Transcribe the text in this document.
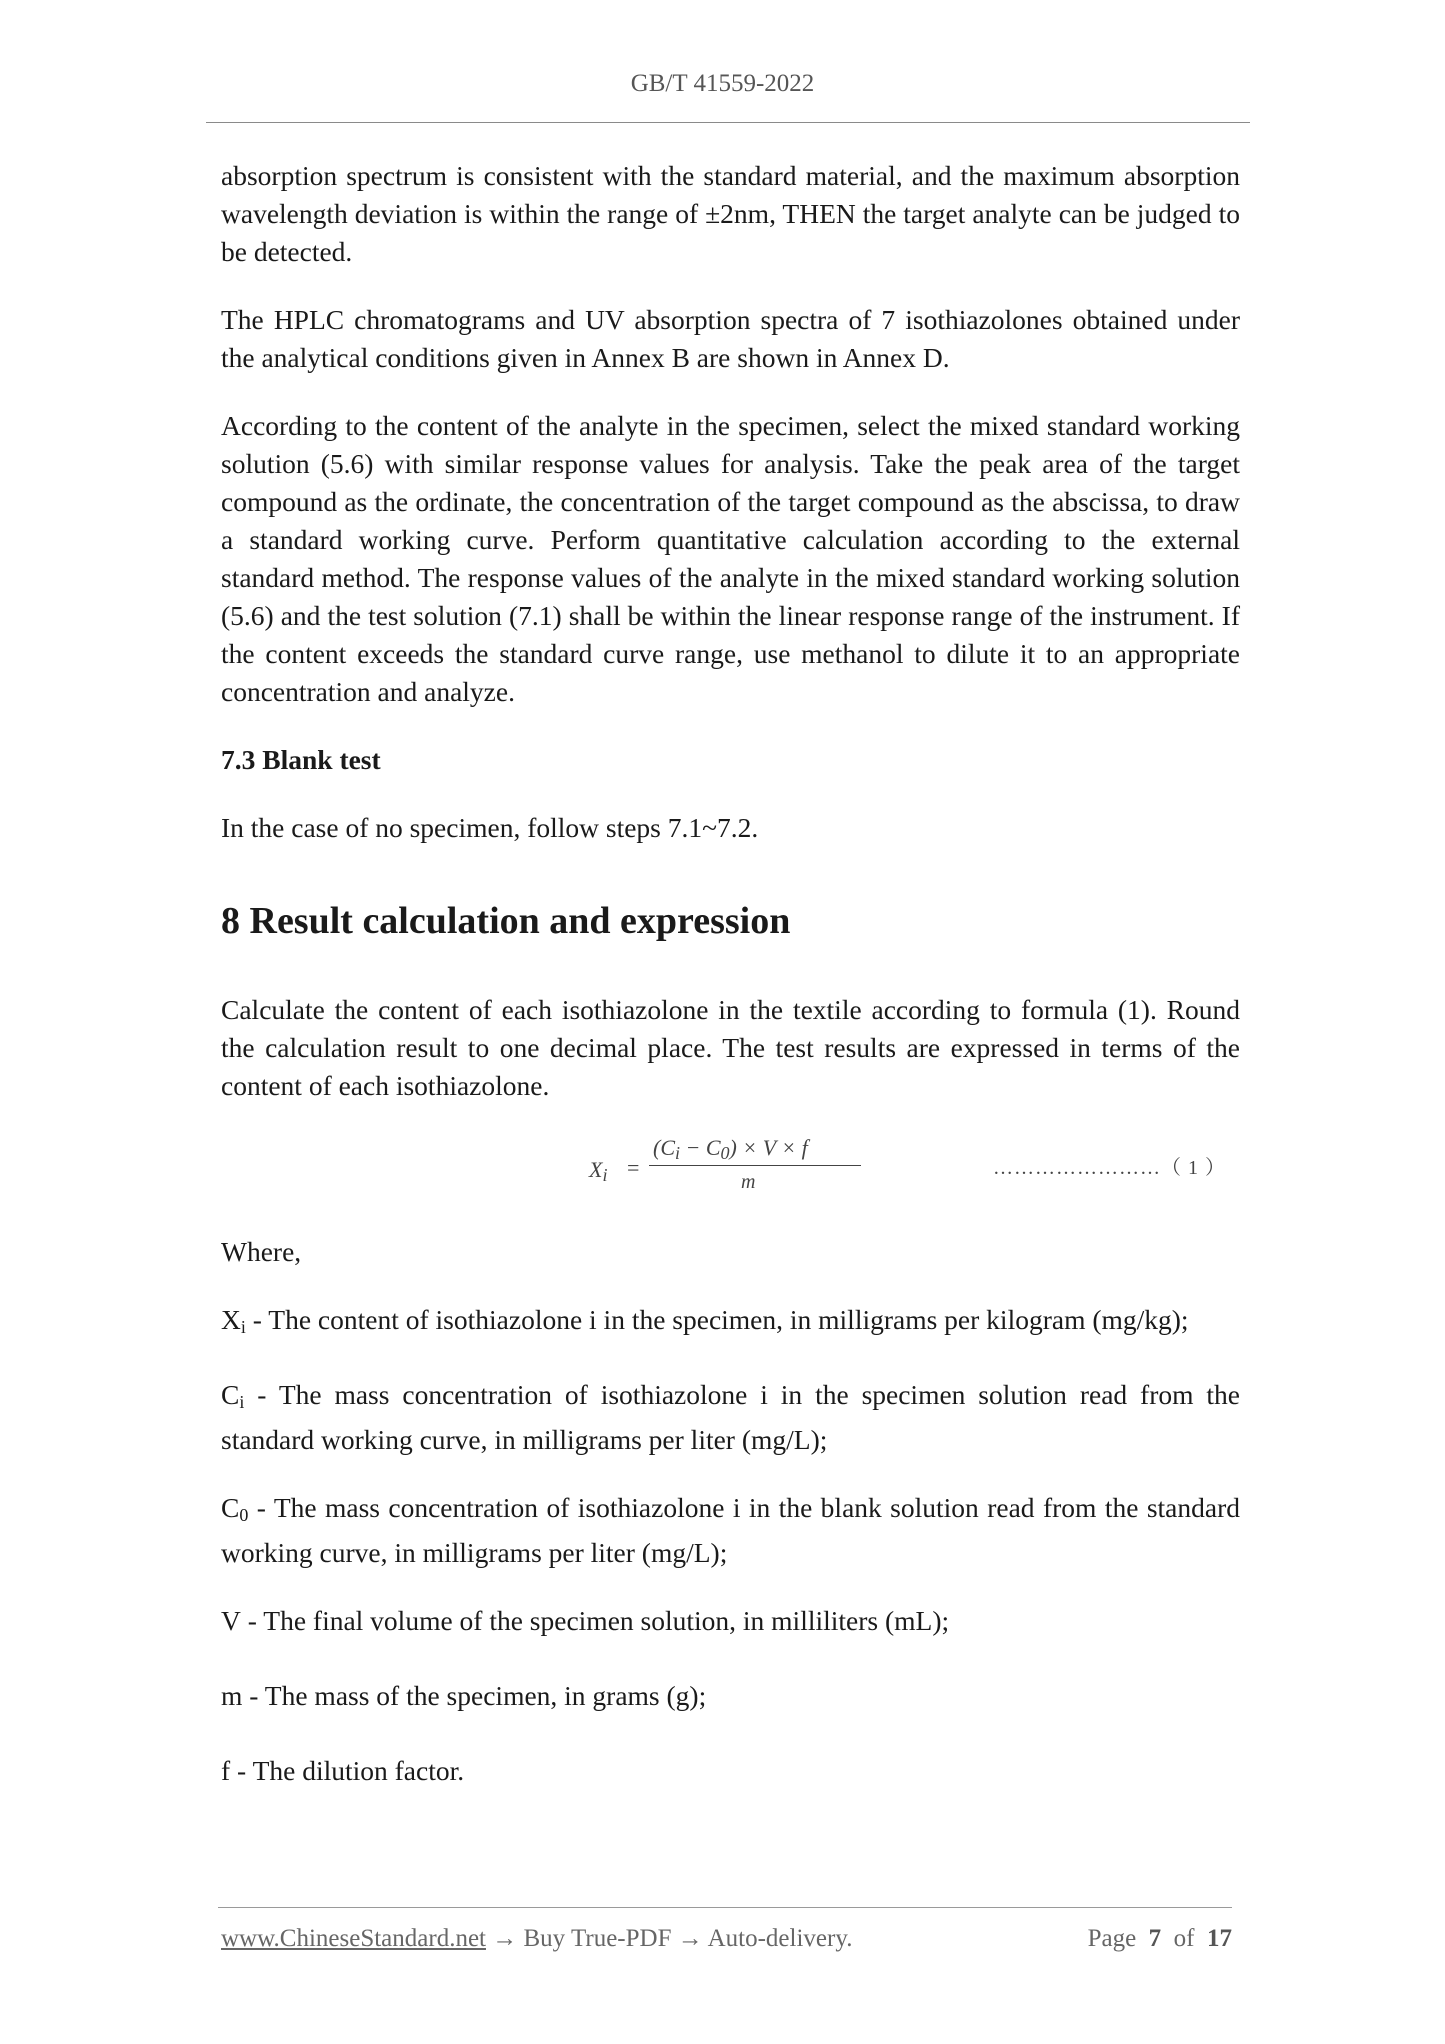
GB/T 41559-2022

absorption spectrum is consistent with the standard material, and the maximum absorption wavelength deviation is within the range of ±2nm, THEN the target analyte can be judged to be detected.

The HPLC chromatograms and UV absorption spectra of 7 isothiazolones obtained under the analytical conditions given in Annex B are shown in Annex D.

According to the content of the analyte in the specimen, select the mixed standard working solution (5.6) with similar response values for analysis. Take the peak area of the target compound as the ordinate, the concentration of the target compound as the abscissa, to draw a standard working curve. Perform quantitative calculation according to the external standard method. The response values of the analyte in the mixed standard working solution (5.6) and the test solution (7.1) shall be within the linear response range of the instrument. If the content exceeds the standard curve range, use methanol to dilute it to an appropriate concentration and analyze.

7.3 Blank test

In the case of no specimen, follow steps 7.1~7.2.

8 Result calculation and expression

Calculate the content of each isothiazolone in the textile according to formula (1). Round the calculation result to one decimal place. The test results are expressed in terms of the content of each isothiazolone.

$X_i$ =
$(C_i - C_0) \times V \times f$
m
……………………（ 1 ）

Where,

$X_i$ - The content of isothiazolone i in the specimen, in milligrams per kilogram (mg/kg);

$C_i$ - The mass concentration of isothiazolone i in the specimen solution read from the standard working curve, in milligrams per liter (mg/L);

$C_0$ - The mass concentration of isothiazolone i in the blank solution read from the standard working curve, in milligrams per liter (mg/L);

V - The final volume of the specimen solution, in milliliters (mL);

m - The mass of the specimen, in grams (g);

f - The dilution factor.

www.ChineseStandard.net → Buy True-PDF → Auto-delivery.	Page 7 of 17
